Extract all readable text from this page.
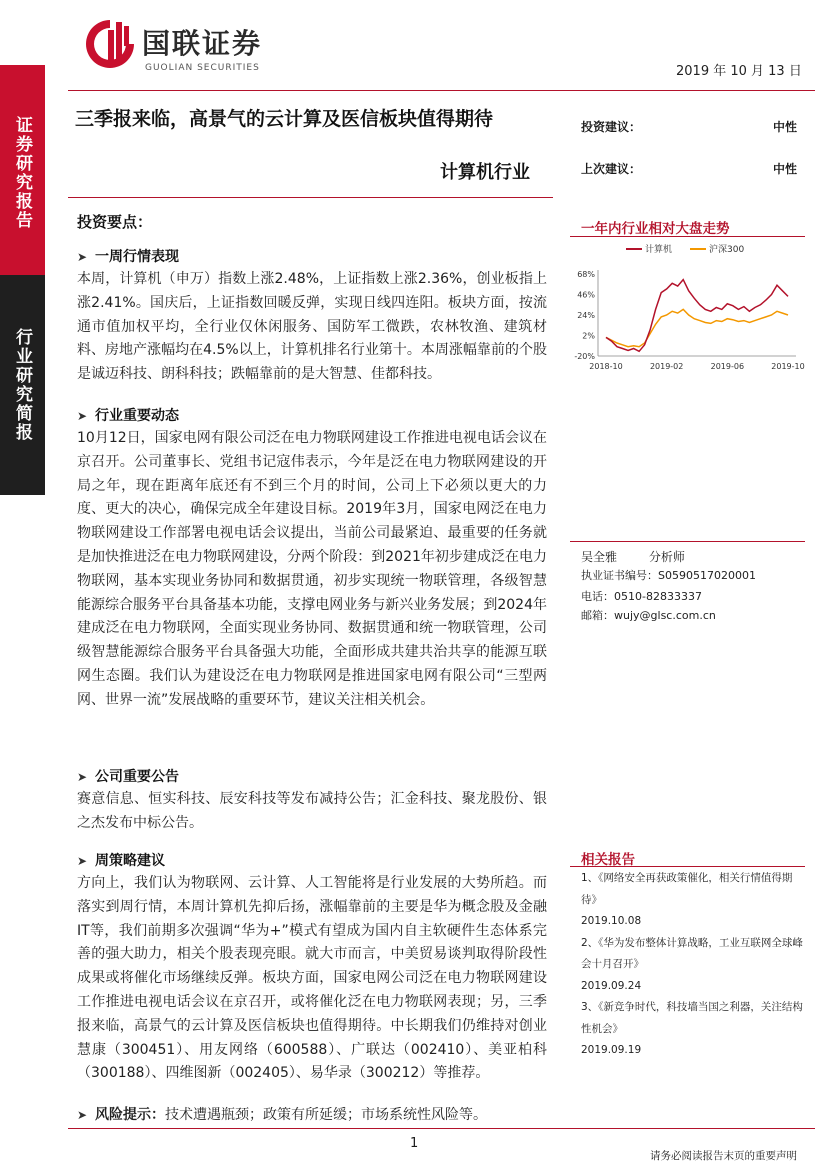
证券研究报告
行业研究简报
国联证券
GUOLIAN SECURITIES	2019 年 10 月 13 日
三季报来临，高景气的云计算及医信板块值得期待
计算机行业
投资建议：	中性
上次建议：	中性
投资要点：
➤ 一周行情表现
本周，计算机（申万）指数上涨2.48%，上证指数上涨2.36%，创业板指上涨2.41%。国庆后，上证指数回暖反弹，实现日线四连阳。板块方面，按流通市值加权平均，全行业仅休闲服务、国防军工微跌，农林牧渔、建筑材料、房地产涨幅均在4.5%以上，计算机排名行业第十。本周涨幅靠前的个股是诚迈科技、朗科科技；跌幅靠前的是大智慧、佳都科技。
➤ 行业重要动态
10月12日，国家电网有限公司泛在电力物联网建设工作推进电视电话会议在京召开。公司董事长、党组书记寇伟表示，今年是泛在电力物联网建设的开局之年，现在距离年底还有不到三个月的时间，公司上下必须以更大的力度、更大的决心，确保完成全年建设目标。2019年3月，国家电网泛在电力物联网建设工作部署电视电话会议提出，当前公司最紧迫、最重要的任务就是加快推进泛在电力物联网建设，分两个阶段：到2021年初步建成泛在电力物联网，基本实现业务协同和数据贯通，初步实现统一物联管理，各级智慧能源综合服务平台具备基本功能，支撑电网业务与新兴业务发展；到2024年建成泛在电力物联网，全面实现业务协同、数据贯通和统一物联管理，公司级智慧能源综合服务平台具备强大功能，全面形成共建共治共享的能源互联网生态圈。我们认为建设泛在电力物联网是推进国家电网有限公司“三型两网、世界一流”发展战略的重要环节，建议关注相关机会。
➤ 公司重要公告
赛意信息、恒实科技、辰安科技等发布减持公告；汇金科技、聚龙股份、银之杰发布中标公告。
➤ 周策略建议
方向上，我们认为物联网、云计算、人工智能将是行业发展的大势所趋。而落实到周行情，本周计算机先抑后扬，涨幅靠前的主要是华为概念股及金融IT等，我们前期多次强调“华为+”模式有望成为国内自主软硬件生态体系完善的强大助力，相关个股表现亮眼。就大市而言，中美贸易谈判取得阶段性成果或将催化市场继续反弹。板块方面，国家电网公司泛在电力物联网建设工作推进电视电话会议在京召开，或将催化泛在电力物联网表现；另，三季报来临，高景气的云计算及医信板块也值得期待。中长期我们仍维持对创业慧康（300451）、用友网络（600588）、广联达（002410）、美亚柏科（300188）、四维图新（002405）、易华录（300212）等推荐。
➤ 风险提示：技术遭遇瓶颈；政策有所延缓；市场系统性风险等。
一年内行业相对大盘走势
计算机	沪深300
68%
46%
24%
2%
-20%
2018-10	2019-02	2019-06	2019-10
吴全雅	分析师
执业证书编号：S0590517020001
电话：0510-82833337
邮箱：wujy@glsc.com.cn
相关报告
1、《网络安全再获政策催化，相关行情值得期待》
2019.10.08
2、《华为发布整体计算战略，工业互联网全球峰会十月召开》
2019.09.24
3、《新竞争时代，科技墙当国之利器，关注结构性机会》
2019.09.19
1
请务必阅读报告末页的重要声明
